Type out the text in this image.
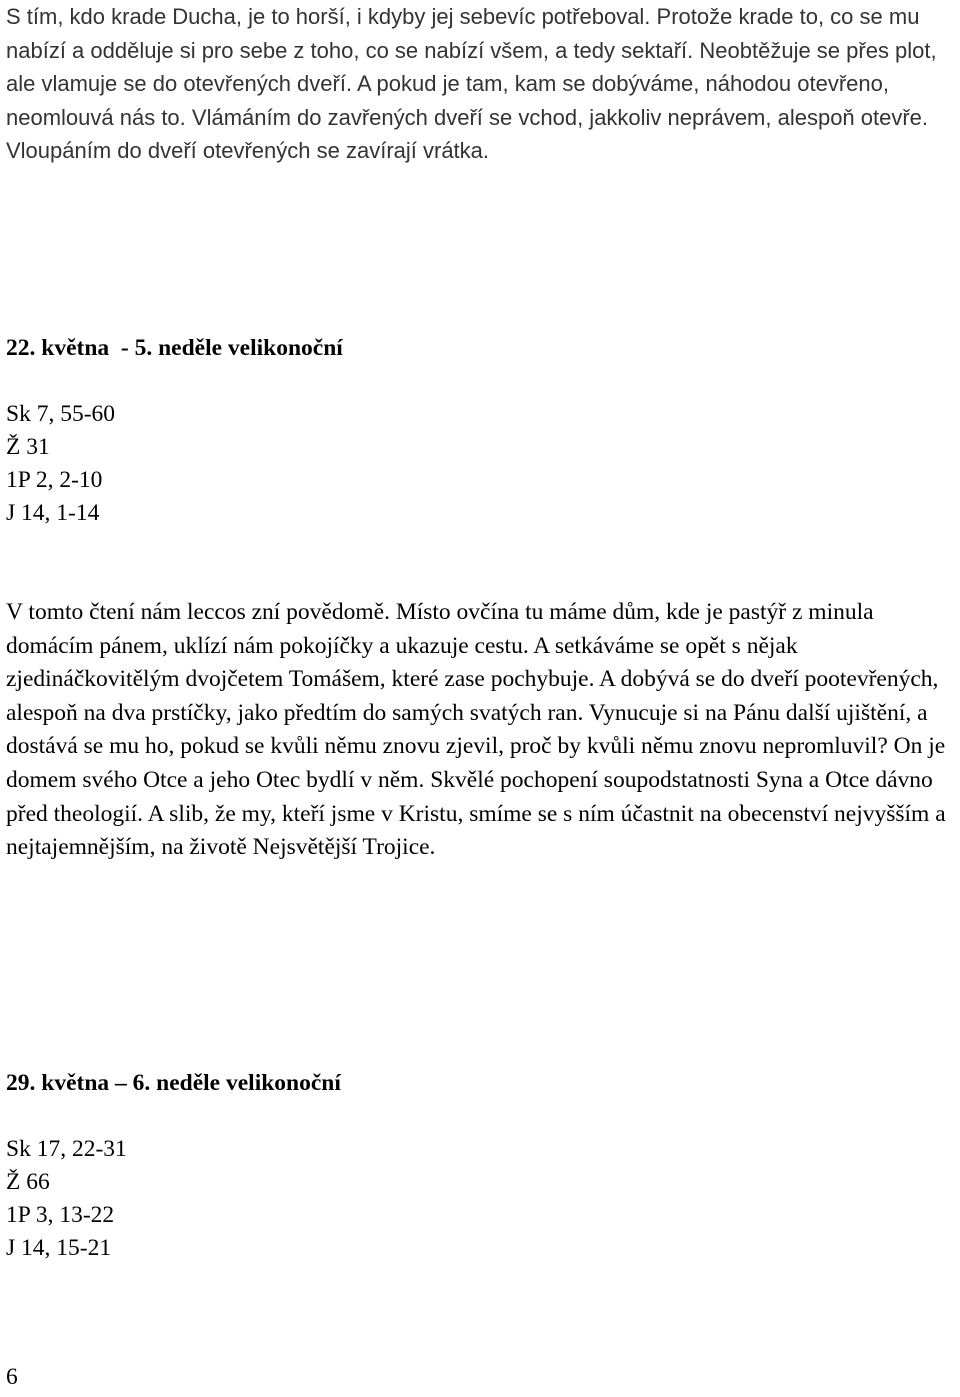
S tím, kdo krade Ducha, je to horší, i kdyby jej sebevíc potřeboval. Protože krade to, co se mu nabízí a odděluje si pro sebe z toho, co se nabízí všem, a tedy sektaří. Neobtěžuje se přes plot, ale vlamuje se do otevřených dveří. A pokud je tam, kam se dobýváme, náhodou otevřeno, neomlouvá nás to. Vlámáním do zavřených dveří se vchod, jakkoliv neprávem, alespoň otevře. Vloupáním do dveří otevřených se zavírají vrátka.

22. května  - 5. neděle velikonoční
Sk 7, 55-60
Ž 31
1P 2, 2-10
J 14, 1-14

V tomto čtení nám leccos zní povědomě. Místo ovčína tu máme dům, kde je pastýř z minula domácím pánem, uklízí nám pokojíčky a ukazuje cestu. A setkáváme se opět s nějak zjedináčkovitělým dvojčetem Tomášem, které zase pochybuje. A dobývá se do dveří pootevřených, alespoň na dva prstíčky, jako předtím do samých svatých ran. Vynucuje si na Pánu další ujištění, a dostává se mu ho, pokud se kvůli němu znovu zjevil, proč by kvůli němu znovu nepromluvil? On je domem svého Otce a jeho Otec bydlí v něm. Skvělé pochopení soupodstatnosti Syna a Otce dávno před theologií. A slib, že my, kteří jsme v Kristu, smíme se s ním účastnit na obecenství nejvyšším a nejtajemnějším, na životě Nejsvětější Trojice.

29. května – 6. neděle velikonoční
Sk 17, 22-31
Ž 66
1P 3, 13-22
J 14, 15-21
6
